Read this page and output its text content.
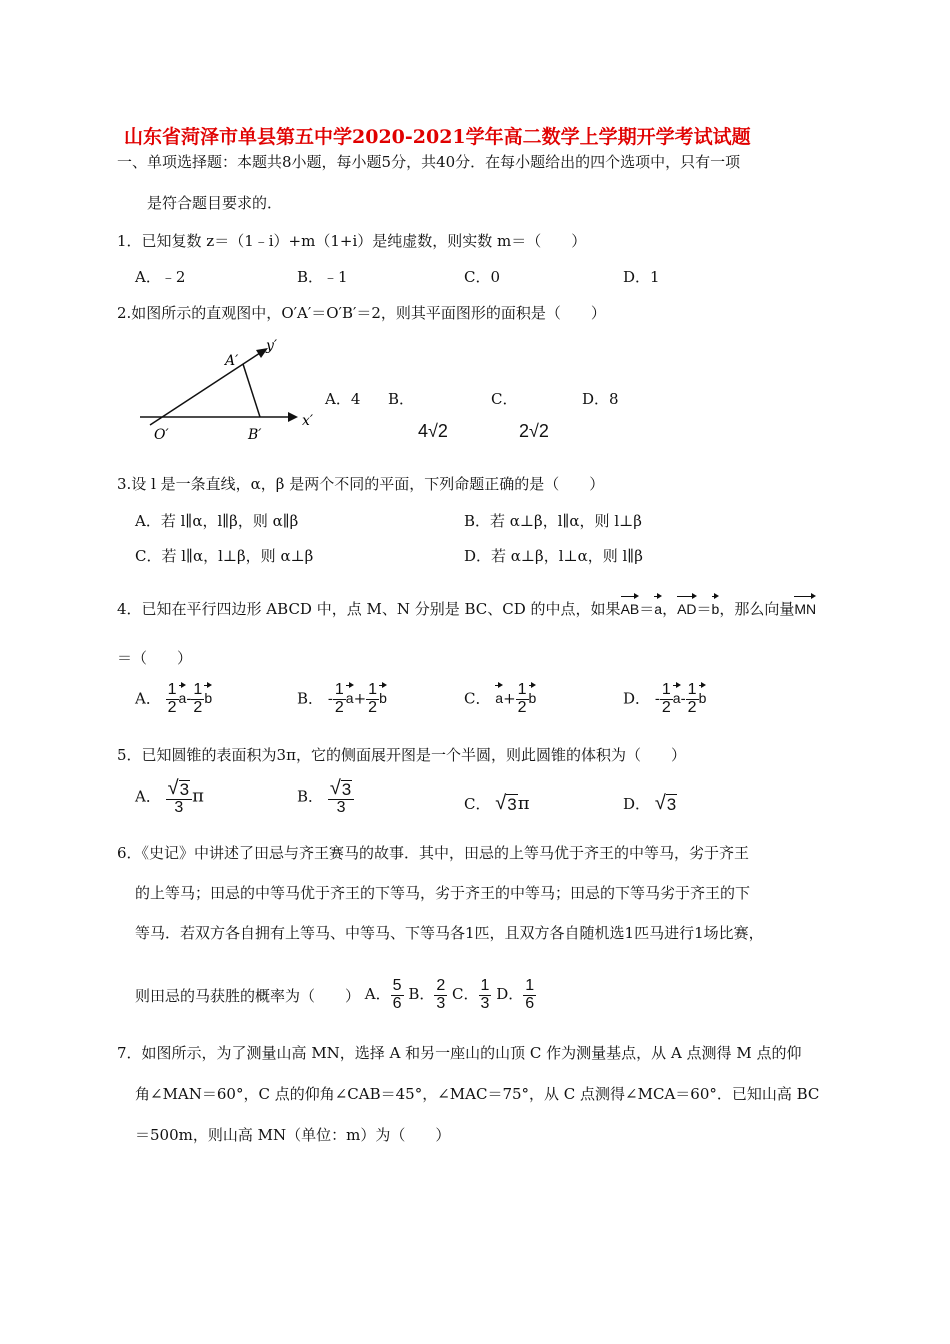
山东省菏泽市单县第五中学2020-2021学年高二数学上学期开学考试试题
一、单项选择题：本题共8小题，每小题5分，共40分．在每小题给出的四个选项中，只有一项
是符合题目要求的．
1．已知复数 z＝（1﹣i）+m（1+i）是纯虚数，则实数 m＝（　　）
A．﹣2	B．﹣1	C．0	D．1
2.如图所示的直观图中，O′A′＝O′B′＝2，则其平面图形的面积是（　　）
A′
y′
O′	B′
x′
A．4 B．	C．	D．8
4√2	2√2
3.设 l 是一条直线，α，β 是两个不同的平面，下列命题正确的是（　　）
A．若 l∥α，l∥β，则 α∥β	B．若 α⊥β，l∥α，则 l⊥β
C．若 l∥α，l⊥β，则 α⊥β	D．若 α⊥β，l⊥α，则 l∥β
4．已知在平行四边形 ABCD 中，点 M、N 分别是 BC、CD 的中点，如果AB＝a，AD＝b，那么向量MN
＝（　　）
A． $\frac{1}{2} a- \frac{1}{2}$ b	B． - $\frac{1}{2} a+ \frac{1}{2}$ b	C． $a+ \frac{1}{2}$ b	D． - $\frac{1}{2} a- \frac{1}{2}$ b
5．已知圆锥的表面积为3π，它的侧面展开图是一个半圆，则此圆锥的体积为（　　）
A． $\frac{√ 3}{3}$ π	B． $\frac{√ 3}{3}$	C． √ 3 π	D． √ 3
6．《史记》中讲述了田忌与齐王赛马的故事．其中，田忌的上等马优于齐王的中等马，劣于齐王
的上等马；田忌的中等马优于齐王的下等马，劣于齐王的中等马；田忌的下等马劣于齐王的下
等马．若双方各自拥有上等马、中等马、下等马各1匹，且双方各自随机选1匹马进行1场比赛，
则田忌的马获胜的概率为（　　） A． $\frac{5}{6}$ B． $\frac{2}{3}$ C． $\frac{1}{3}$ D． $\frac{1}{6}$
7．如图所示，为了测量山高 MN，选择 A 和另一座山的山顶 C 作为测量基点，从 A 点测得 M 点的仰
角∠MAN＝60°，C 点的仰角∠CAB＝45°，∠MAC＝75°，从 C 点测得∠MCA＝60°．已知山高 BC
＝500m，则山高 MN（单位：m）为（　　）
